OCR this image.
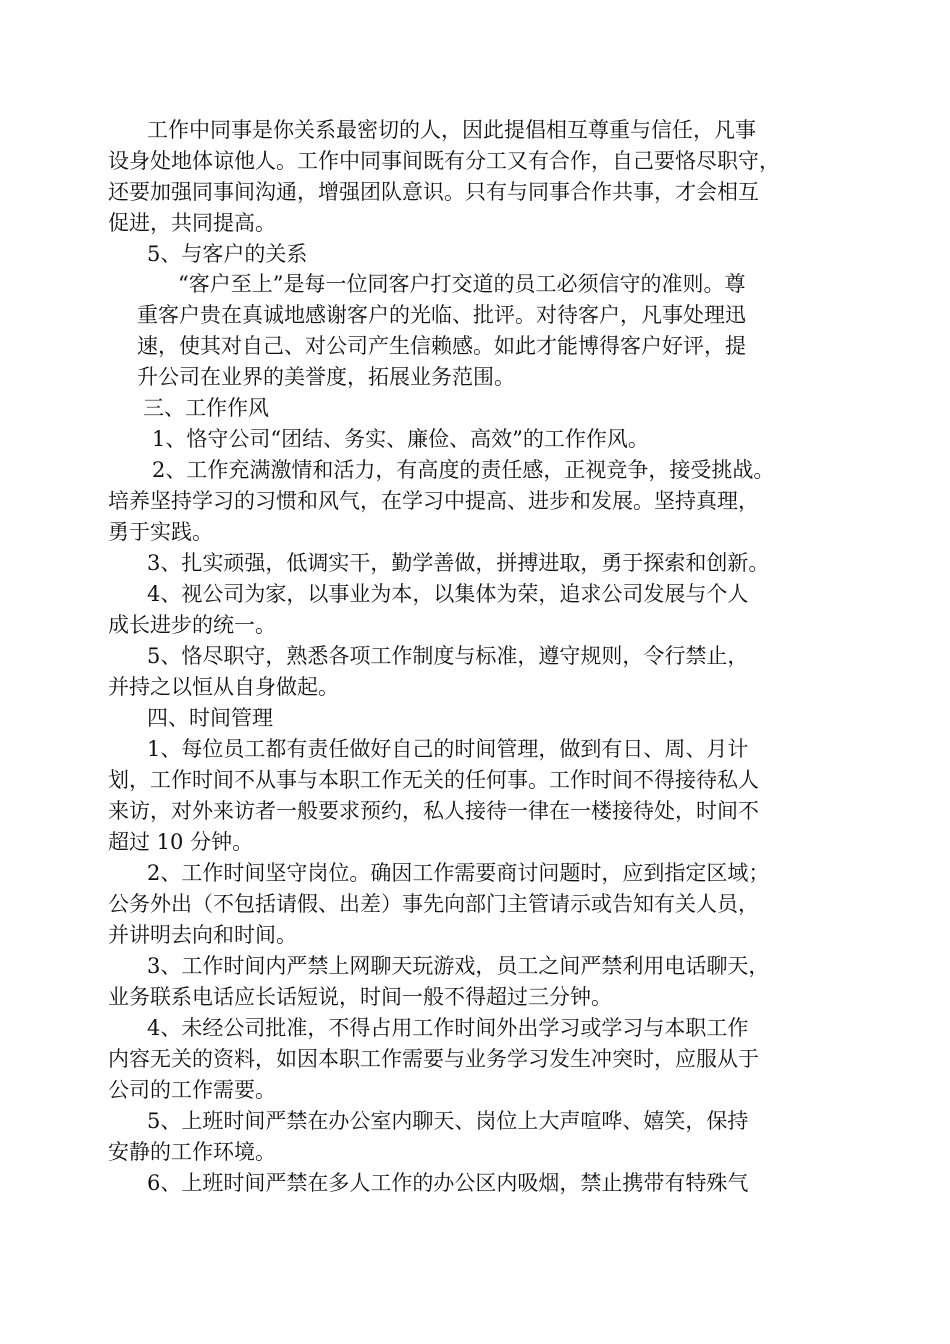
工作中同事是你关系最密切的人，因此提倡相互尊重与信任，凡事
设身处地体谅他人。工作中同事间既有分工又有合作，自己要恪尽职守，
还要加强同事间沟通，增强团队意识。只有与同事合作共事，才会相互
促进，共同提高。
5、与客户的关系
“客户至上”是每一位同客户打交道的员工必须信守的准则。尊
重客户贵在真诚地感谢客户的光临、批评。对待客户，凡事处理迅
速，使其对自己、对公司产生信赖感。如此才能博得客户好评，提
升公司在业界的美誉度，拓展业务范围。
三、工作作风
1、恪守公司“团结、务实、廉俭、高效”的工作作风。
2、工作充满激情和活力，有高度的责任感，正视竞争，接受挑战。
培养坚持学习的习惯和风气，在学习中提高、进步和发展。坚持真理，
勇于实践。
3、扎实顽强，低调实干，勤学善做，拼搏进取，勇于探索和创新。
4、视公司为家，以事业为本，以集体为荣，追求公司发展与个人
成长进步的统一。
5、恪尽职守，熟悉各项工作制度与标准，遵守规则，令行禁止，
并持之以恒从自身做起。
四、时间管理
1、每位员工都有责任做好自己的时间管理，做到有日、周、月计
划，工作时间不从事与本职工作无关的任何事。工作时间不得接待私人
来访，对外来访者一般要求预约，私人接待一律在一楼接待处，时间不
超过 10 分钟。
2、工作时间坚守岗位。确因工作需要商讨问题时，应到指定区域；
公务外出（不包括请假、出差）事先向部门主管请示或告知有关人员，
并讲明去向和时间。
3、工作时间内严禁上网聊天玩游戏，员工之间严禁利用电话聊天，
业务联系电话应长话短说，时间一般不得超过三分钟。
4、未经公司批准，不得占用工作时间外出学习或学习与本职工作
内容无关的资料，如因本职工作需要与业务学习发生冲突时，应服从于
公司的工作需要。
5、上班时间严禁在办公室内聊天、岗位上大声喧哗、嬉笑，保持
安静的工作环境。
6、上班时间严禁在多人工作的办公区内吸烟，禁止携带有特殊气
